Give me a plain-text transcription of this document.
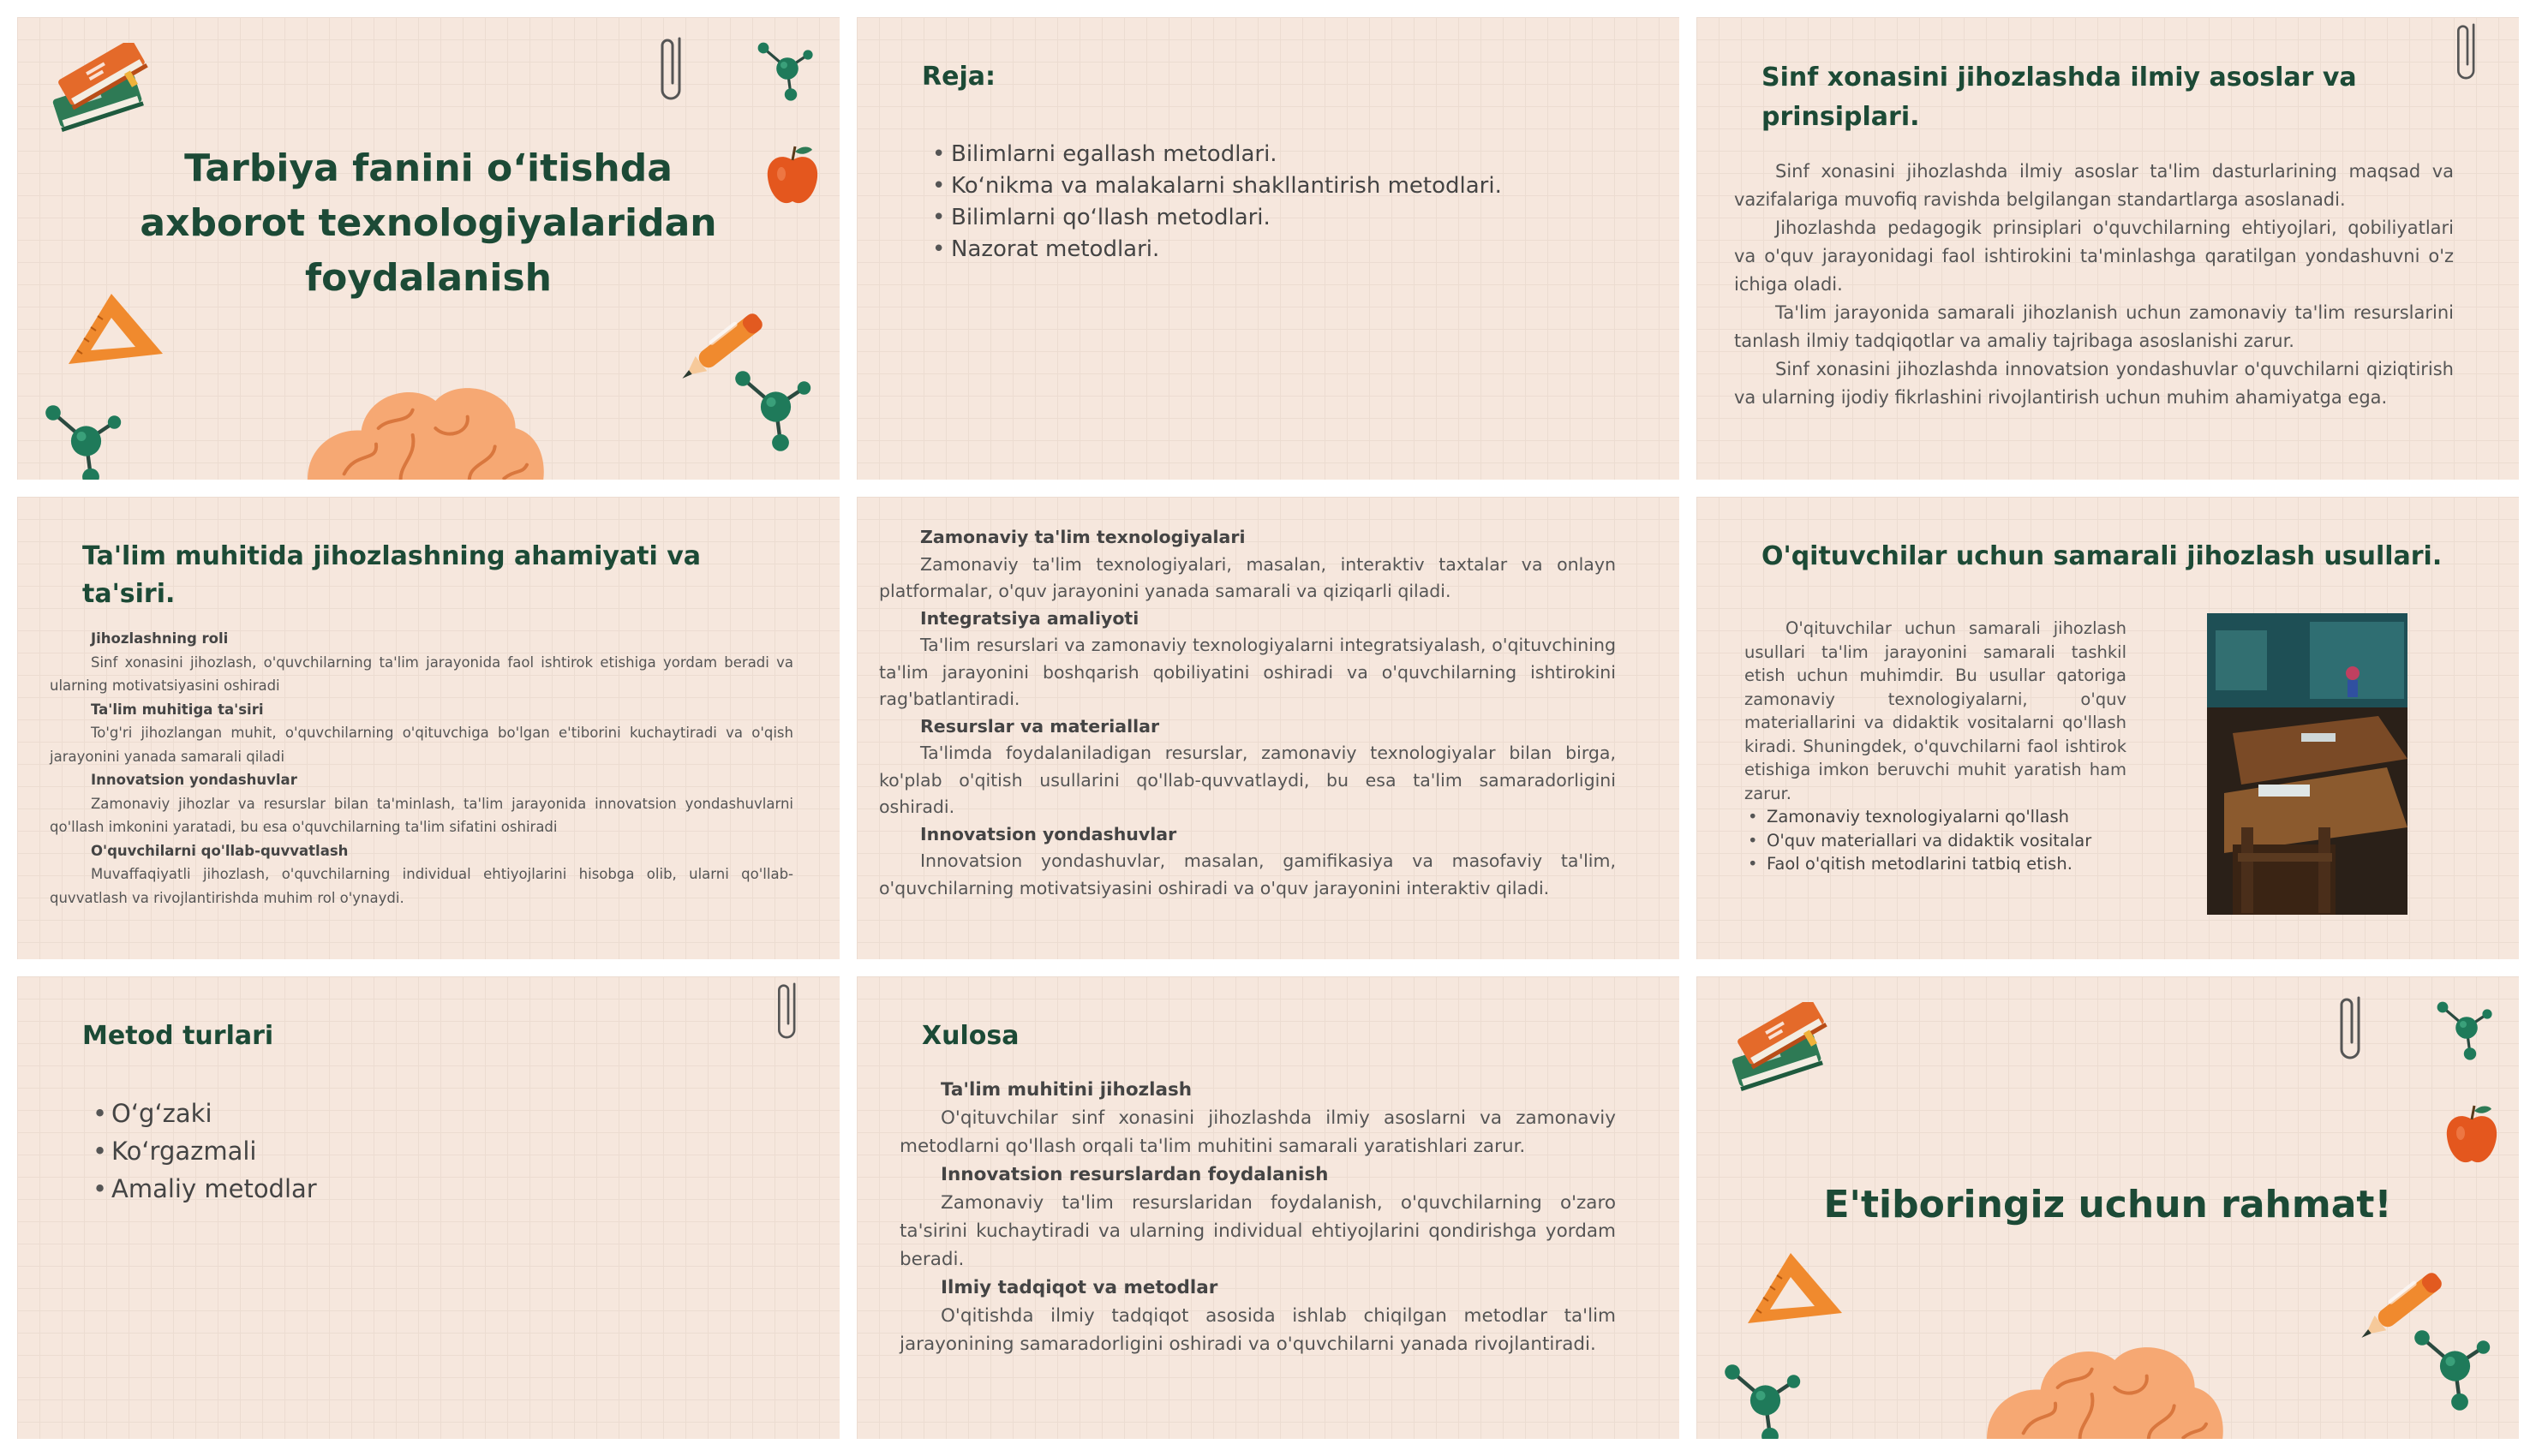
Tarbiya fanini oʻitishda
axborot texnologiyalaridan
foydalanish
Reja:
• Bilimlarni egallash metodlari.
• Koʻnikma va malakalarni shakllantirish metodlari.
• Bilimlarni qoʻllash metodlari.
• Nazorat metodlari.
Sinf xonasini jihozlashda ilmiy asoslar va prinsiplari.

Sinf xonasini jihozlashda ilmiy asoslar ta'lim dasturlarining maqsad va vazifalariga muvofiq ravishda belgilangan standartlarga asoslanadi.

Jihozlashda pedagogik prinsiplari o'quvchilarning ehtiyojlari, qobiliyatlari va o'quv jarayonidagi faol ishtirokini ta'minlashga qaratilgan yondashuvni o'z ichiga oladi.

Ta'lim jarayonida samarali jihozlanish uchun zamonaviy ta'lim resurslarini tanlash ilmiy tadqiqotlar va amaliy tajribaga asoslanishi zarur.

Sinf xonasini jihozlashda innovatsion yondashuvlar o'quvchilarni qiziqtirish va ularning ijodiy fikrlashini rivojlantirish uchun muhim ahamiyatga ega.

Ta'lim muhitida jihozlashning ahamiyati va ta'siri.

Jihozlashning roli

Sinf xonasini jihozlash, o'quvchilarning ta'lim jarayonida faol ishtirok etishiga yordam beradi va ularning motivatsiyasini oshiradi

Ta'lim muhitiga ta'siri

To'g'ri jihozlangan muhit, o'quvchilarning o'qituvchiga bo'lgan e'tiborini kuchaytiradi va o'qish jarayonini yanada samarali qiladi

Innovatsion yondashuvlar

Zamonaviy jihozlar va resurslar bilan ta'minlash, ta'lim jarayonida innovatsion yondashuvlarni qo'llash imkonini yaratadi, bu esa o'quvchilarning ta'lim sifatini oshiradi

O'quvchilarni qo'llab-quvvatlash

Muvaffaqiyatli jihozlash, o'quvchilarning individual ehtiyojlarini hisobga olib, ularni qo'llab-quvvatlash va rivojlantirishda muhim rol o'ynaydi.

Zamonaviy ta'lim texnologiyalari

Zamonaviy ta'lim texnologiyalari, masalan, interaktiv taxtalar va onlayn platformalar, o'quv jarayonini yanada samarali va qiziqarli qiladi.

Integratsiya amaliyoti

Ta'lim resurslari va zamonaviy texnologiyalarni integratsiyalash, o'qituvchining ta'lim jarayonini boshqarish qobiliyatini oshiradi va o'quvchilarning ishtirokini rag'batlantiradi.

Resurslar va materiallar

Ta'limda foydalaniladigan resurslar, zamonaviy texnologiyalar bilan birga, ko'plab o'qitish usullarini qo'llab-quvvatlaydi, bu esa ta'lim samaradorligini oshiradi.

Innovatsion yondashuvlar

Innovatsion yondashuvlar, masalan, gamifikasiya va masofaviy ta'lim, o'quvchilarning motivatsiyasini oshiradi va o'quv jarayonini interaktiv qiladi.

O'qituvchilar uchun samarali jihozlash usullari.

O'qituvchilar uchun samarali jihozlash usullari ta'lim jarayonini samarali tashkil etish uchun muhimdir. Bu usullar qatoriga zamonaviy texnologiyalarni, o'quv materiallarini va didaktik vositalarni qo'llash kiradi. Shuningdek, o'quvchilarni faol ishtirok etishiga imkon beruvchi muhit yaratish ham zarur.

• Zamonaviy texnologiyalarni qo'llash
• O'quv materiallari va didaktik vositalar
• Faol o'qitish metodlarini tatbiq etish.
Metod turlari
• Oʻgʻzaki
• Koʻrgazmali
• Amaliy metodlar
Xulosa

Ta'lim muhitini jihozlash

O'qituvchilar sinf xonasini jihozlashda ilmiy asoslarni va zamonaviy metodlarni qo'llash orqali ta'lim muhitini samarali yaratishlari zarur.

Innovatsion resurslardan foydalanish

Zamonaviy ta'lim resurslaridan foydalanish, o'quvchilarning o'zaro ta'sirini kuchaytiradi va ularning individual ehtiyojlarini qondirishga yordam beradi.

Ilmiy tadqiqot va metodlar

O'qitishda ilmiy tadqiqot asosida ishlab chiqilgan metodlar ta'lim jarayonining samaradorligini oshiradi va o'quvchilarni yanada rivojlantiradi.

E'tiboringiz uchun rahmat!
